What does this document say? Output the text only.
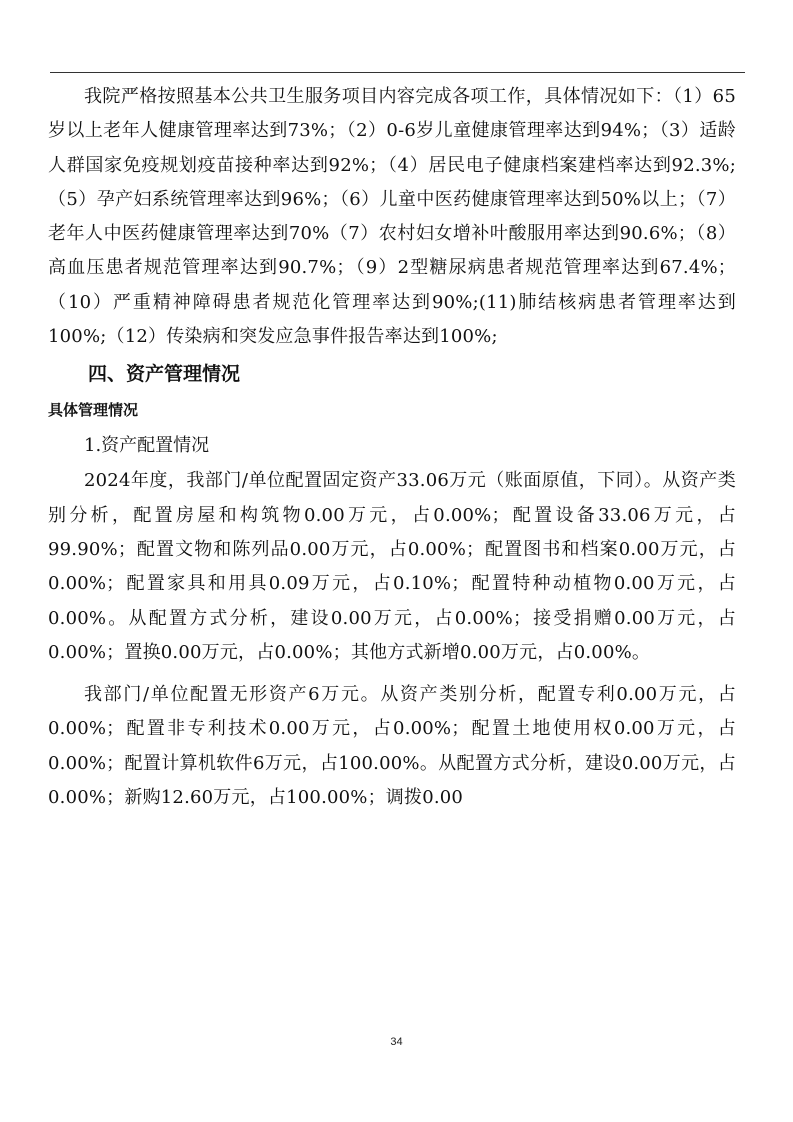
我院严格按照基本公共卫生服务项目内容完成各项工作，具体情况如下：（1）65岁以上老年人健康管理率达到73%；（2）0-6岁儿童健康管理率达到94%；（3）适龄人群国家免疫规划疫苗接种率达到92%；（4）居民电子健康档案建档率达到92.3%;（5）孕产妇系统管理率达到96%；（6）儿童中医药健康管理率达到50%以上；（7）老年人中医药健康管理率达到70%（7）农村妇女增补叶酸服用率达到90.6%；（8）高血压患者规范管理率达到90.7%；（9）2型糖尿病患者规范管理率达到67.4%；（10）严重精神障碍患者规范化管理率达到90%;(11)肺结核病患者管理率达到100%;（12）传染病和突发应急事件报告率达到100%;

四、资产管理情况
具体管理情况

1.资产配置情况

2024年度，我部门/单位配置固定资产33.06万元（账面原值，下同）。从资产类别分析，配置房屋和构筑物0.00万元，占0.00%；配置设备33.06万元，占99.90%；配置文物和陈列品0.00万元，占0.00%；配置图书和档案0.00万元，占0.00%；配置家具和用具0.09万元，占0.10%；配置特种动植物0.00万元，占0.00%。从配置方式分析，建设0.00万元，占0.00%；接受捐赠0.00万元，占0.00%；置换0.00万元，占0.00%；其他方式新增0.00万元，占0.00%。

我部门/单位配置无形资产6万元。从资产类别分析，配置专利0.00万元，占0.00%；配置非专利技术0.00万元，占0.00%；配置土地使用权0.00万元，占0.00%；配置计算机软件6万元，占100.00%。从配置方式分析，建设0.00万元，占0.00%；新购12.60万元，占100.00%；调拨0.00

34
